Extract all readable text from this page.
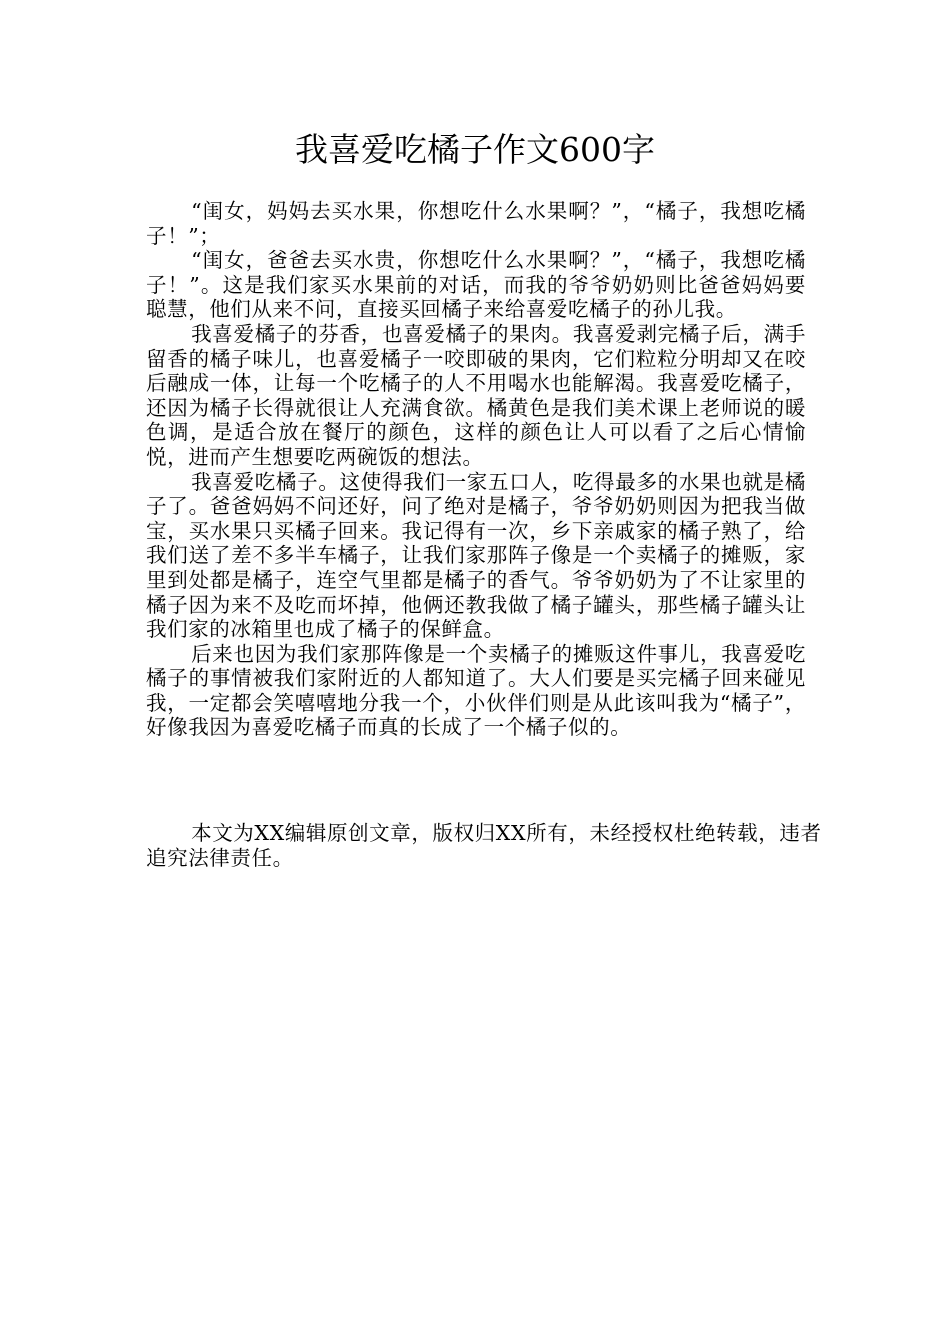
我喜爱吃橘子作文600字

“闺女，妈妈去买水果，你想吃什么水果啊？”，“橘子，我想吃橘子！”；

“闺女，爸爸去买水贵，你想吃什么水果啊？”，“橘子，我想吃橘子！”。这是我们家买水果前的对话，而我的爷爷奶奶则比爸爸妈妈要聪慧，他们从来不问，直接买回橘子来给喜爱吃橘子的孙儿我。

我喜爱橘子的芬香，也喜爱橘子的果肉。我喜爱剥完橘子后，满手留香的橘子味儿，也喜爱橘子一咬即破的果肉，它们粒粒分明却又在咬后融成一体，让每一个吃橘子的人不用喝水也能解渴。我喜爱吃橘子，还因为橘子长得就很让人充满食欲。橘黄色是我们美术课上老师说的暖色调，是适合放在餐厅的颜色，这样的颜色让人可以看了之后心情愉悦，进而产生想要吃两碗饭的想法。

我喜爱吃橘子。这使得我们一家五口人，吃得最多的水果也就是橘子了。爸爸妈妈不问还好，问了绝对是橘子，爷爷奶奶则因为把我当做宝，买水果只买橘子回来。我记得有一次，乡下亲戚家的橘子熟了，给我们送了差不多半车橘子，让我们家那阵子像是一个卖橘子的摊贩，家里到处都是橘子，连空气里都是橘子的香气。爷爷奶奶为了不让家里的橘子因为来不及吃而坏掉，他俩还教我做了橘子罐头，那些橘子罐头让我们家的冰箱里也成了橘子的保鲜盒。

后来也因为我们家那阵像是一个卖橘子的摊贩这件事儿，我喜爱吃橘子的事情被我们家附近的人都知道了。大人们要是买完橘子回来碰见我，一定都会笑嘻嘻地分我一个，小伙伴们则是从此该叫我为“橘子”，好像我因为喜爱吃橘子而真的长成了一个橘子似的。

本文为XX编辑原创文章，版权归XX所有，未经授权杜绝转载，违者追究法律责任。
